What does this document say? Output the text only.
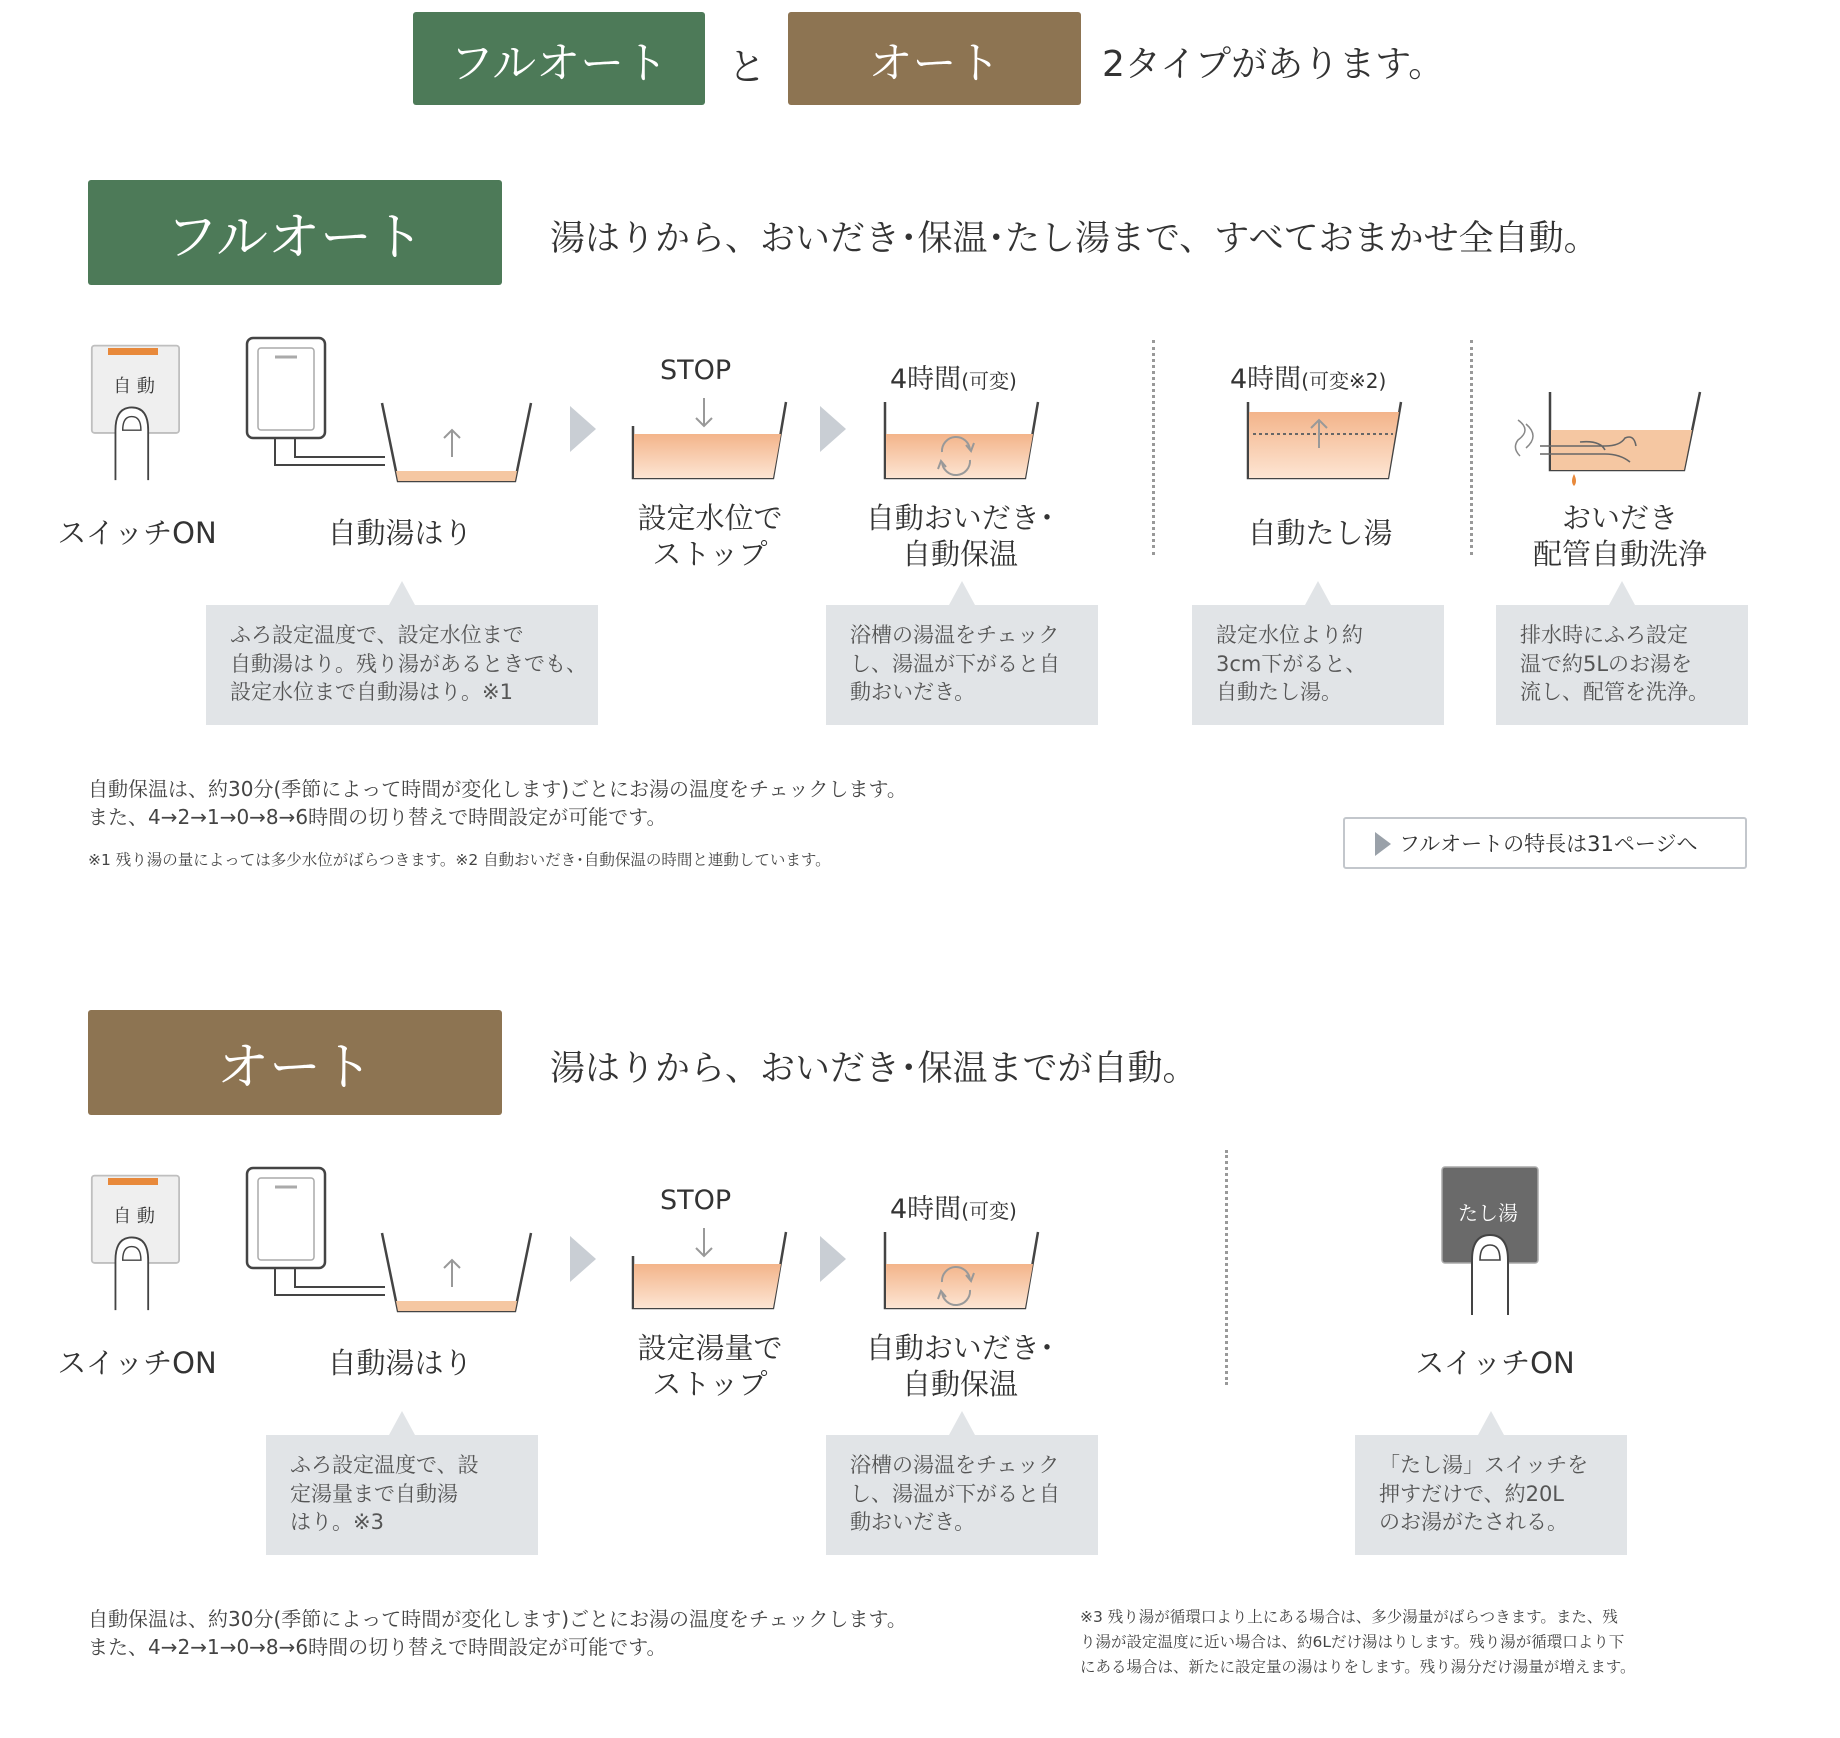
フルオート	と	オート	2タイプがあります。
フルオート	湯はりから、おいだき･保温･たし湯まで、すべておまかせ全自動。
自 動
スイッチON	自動湯はり
STOP
設定水位で
ストップ
4時間(可変)
自動おいだき･
自動保温
4時間(可変※2)
自動たし湯	おいだき
配管自動洗浄
ふろ設定温度で、設定水位まで
自動湯はり。残り湯があるときでも、
設定水位まで自動湯はり。※1
浴槽の湯温をチェック
し、湯温が下がると自
動おいだき。
設定水位より約
3cm下がると、
自動たし湯。
排水時にふろ設定
温で約5Lのお湯を
流し、配管を洗浄。
自動保温は、約30分(季節によって時間が変化します)ごとにお湯の温度をチェックします。
また、4→2→1→0→8→6時間の切り替えで時間設定が可能です。
※1 残り湯の量によっては多少水位がばらつきます。※2 自動おいだき･自動保温の時間と連動しています。
フルオートの特長は31ページへ
オート	湯はりから、おいだき･保温までが自動。
自 動
スイッチON	自動湯はり
STOP
設定湯量で
ストップ
4時間(可変)
自動おいだき･
自動保温
たし湯
スイッチON
ふろ設定温度で、設
定湯量まで自動湯
はり。※3
浴槽の湯温をチェック
し、湯温が下がると自
動おいだき。
「たし湯」スイッチを
押すだけで、約20L
のお湯がたされる。
自動保温は、約30分(季節によって時間が変化します)ごとにお湯の温度をチェックします。
また、4→2→1→0→8→6時間の切り替えで時間設定が可能です。
※3 残り湯が循環口より上にある場合は、多少湯量がばらつきます。また、残
り湯が設定温度に近い場合は、約6Lだけ湯はりします。残り湯が循環口より下
にある場合は、新たに設定量の湯はりをします。残り湯分だけ湯量が増えます。
